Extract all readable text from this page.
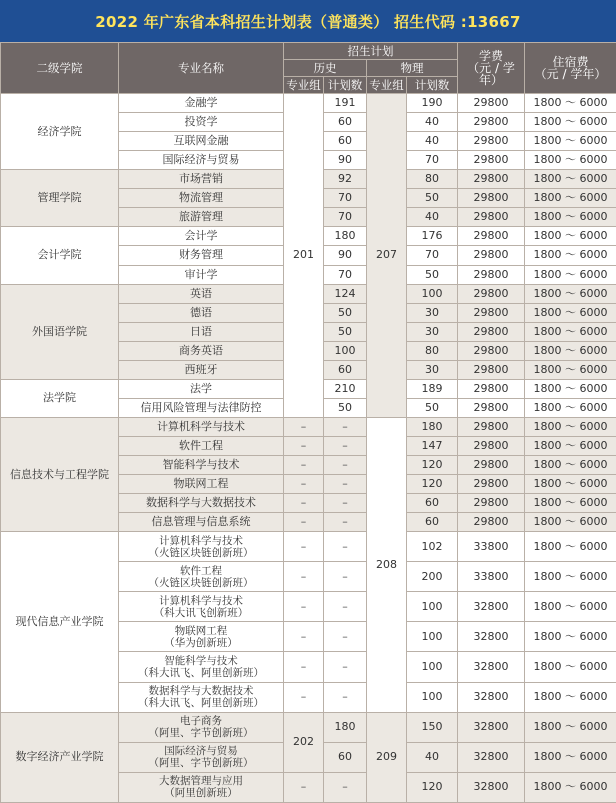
2022 年广东省本科招生计划表（普通类） 招生代码 :13667
二级学院	专业名称	招生计划				学费
（元 / 学年）	住宿费
（元 / 学年）
		历史		物理			
		专业组	计划数	专业组	计划数		
经济学院	金融学	201	191	207	190	29800	1800 ～ 6000
	投资学		60		40	29800	1800 ～ 6000
	互联网金融		60		40	29800	1800 ～ 6000
	国际经济与贸易		90		70	29800	1800 ～ 6000
管理学院	市场营销		92		80	29800	1800 ～ 6000
	物流管理		70		50	29800	1800 ～ 6000
	旅游管理		70		40	29800	1800 ～ 6000
会计学院	会计学		180		176	29800	1800 ～ 6000
	财务管理		90		70	29800	1800 ～ 6000
	审计学		70		50	29800	1800 ～ 6000
外国语学院	英语		124		100	29800	1800 ～ 6000
	德语		50		30	29800	1800 ～ 6000
	日语		50		30	29800	1800 ～ 6000
	商务英语		100		80	29800	1800 ～ 6000
	西班牙		60		30	29800	1800 ～ 6000
法学院	法学		210		189	29800	1800 ～ 6000
	信用风险管理与法律防控		50		50	29800	1800 ～ 6000
信息技术与工程学院	计算机科学与技术	–	–	208	180	29800	1800 ～ 6000
	软件工程	–	–		147	29800	1800 ～ 6000
	智能科学与技术	–	–		120	29800	1800 ～ 6000
	物联网工程	–	–		120	29800	1800 ～ 6000
	数据科学与大数据技术	–	–		60	29800	1800 ～ 6000
	信息管理与信息系统	–	–		60	29800	1800 ～ 6000
现代信息产业学院	计算机科学与技术
（火链区块链创新班）	–	–		102	33800	1800 ～ 6000

	软件工程
（火链区块链创新班）	–	–		200	33800	1800 ～ 6000

	计算机科学与技术
（科大讯飞创新班）	–	–		100	32800	1800 ～ 6000

	物联网工程
（华为创新班）	–	–		100	32800	1800 ～ 6000

	智能科学与技术
（科大讯飞、阿里创新班）	–	–		100	32800	1800 ～ 6000

	数据科学与大数据技术
（科大讯飞、阿里创新班）	–	–		100	32800	1800 ～ 6000
数字经济产业学院	电子商务
（阿里、字节创新班）	202	180	209	150	32800	1800 ～ 6000

	国际经济与贸易
（阿里、字节创新班）		60		40	32800	1800 ～ 6000

	大数据管理与应用
（阿里创新班）	–	–		120	32800	1800 ～ 6000
